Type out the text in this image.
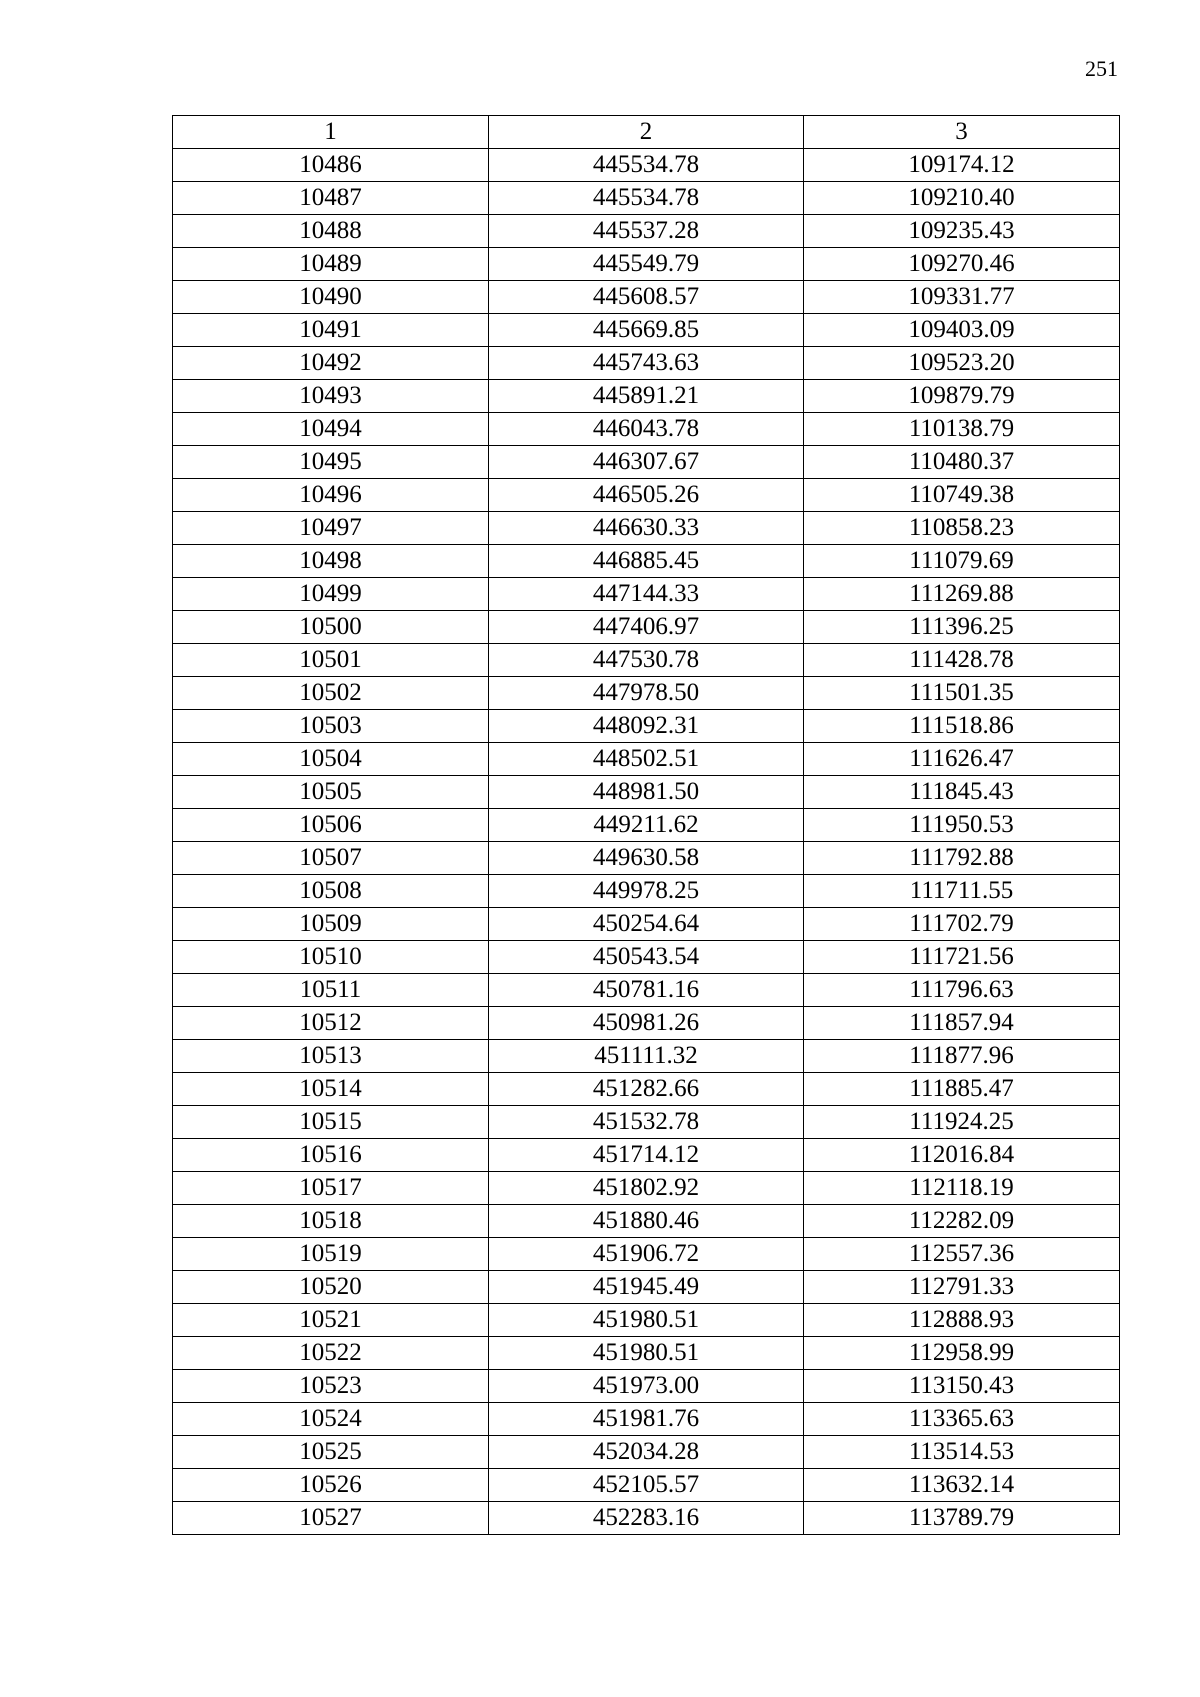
251
1	2	3
10486	445534.78	109174.12
10487	445534.78	109210.40
10488	445537.28	109235.43
10489	445549.79	109270.46
10490	445608.57	109331.77
10491	445669.85	109403.09
10492	445743.63	109523.20
10493	445891.21	109879.79
10494	446043.78	110138.79
10495	446307.67	110480.37
10496	446505.26	110749.38
10497	446630.33	110858.23
10498	446885.45	111079.69
10499	447144.33	111269.88
10500	447406.97	111396.25
10501	447530.78	111428.78
10502	447978.50	111501.35
10503	448092.31	111518.86
10504	448502.51	111626.47
10505	448981.50	111845.43
10506	449211.62	111950.53
10507	449630.58	111792.88
10508	449978.25	111711.55
10509	450254.64	111702.79
10510	450543.54	111721.56
10511	450781.16	111796.63
10512	450981.26	111857.94
10513	451111.32	111877.96
10514	451282.66	111885.47
10515	451532.78	111924.25
10516	451714.12	112016.84
10517	451802.92	112118.19
10518	451880.46	112282.09
10519	451906.72	112557.36
10520	451945.49	112791.33
10521	451980.51	112888.93
10522	451980.51	112958.99
10523	451973.00	113150.43
10524	451981.76	113365.63
10525	452034.28	113514.53
10526	452105.57	113632.14
10527	452283.16	113789.79
